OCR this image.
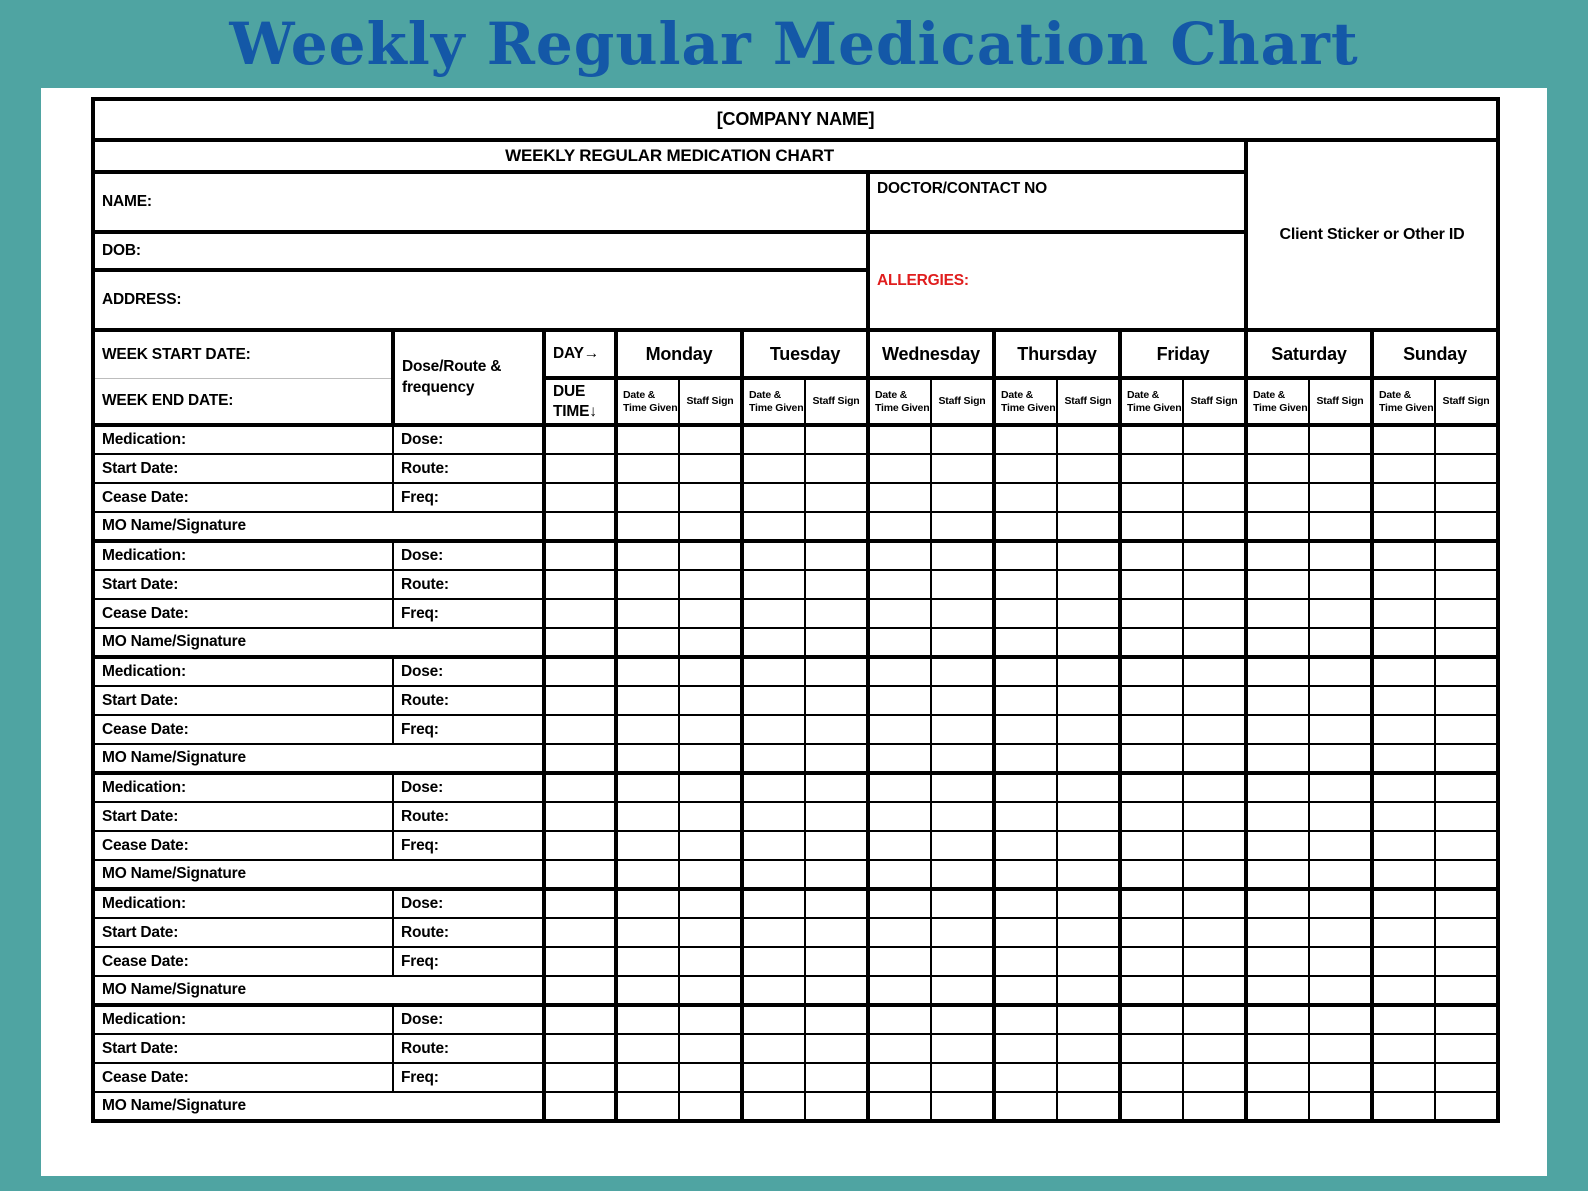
Weekly Regular Medication Chart
[COMPANY NAME]																
WEEKLY REGULAR MEDICATION CHART													Client Sticker or Other ID			
NAME:							DOCTOR/CONTACT NO									
DOB:							ALLERGIES:									
ADDRESS:																
WEEK START DATE:	Dose/Route & frequency	DAY→	Monday		Tuesday		Wednesday		Thursday		Friday		Saturday		Sunday	
WEEK END DATE:		DUE TIME↓	Date & Time Given	Staff Sign	Date & Time Given	Staff Sign	Date & Time Given	Staff Sign	Date & Time Given	Staff Sign	Date & Time Given	Staff Sign	Date & Time Given	Staff Sign	Date & Time Given	Staff Sign
Medication:	Dose:															
Start Date:	Route:															
Cease Date:	Freq:															
MO Name/Signature																
Medication:	Dose:															
Start Date:	Route:															
Cease Date:	Freq:															
MO Name/Signature																
Medication:	Dose:															
Start Date:	Route:															
Cease Date:	Freq:															
MO Name/Signature																
Medication:	Dose:															
Start Date:	Route:															
Cease Date:	Freq:															
MO Name/Signature																
Medication:	Dose:															
Start Date:	Route:															
Cease Date:	Freq:															
MO Name/Signature																
Medication:	Dose:															
Start Date:	Route:															
Cease Date:	Freq:															
MO Name/Signature																
